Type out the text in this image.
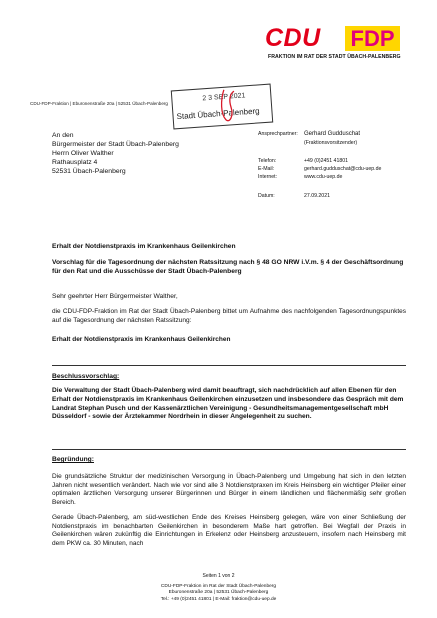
CDU FDP
FRAKTION IM RAT DER STADT ÜBACH-PALENBERG
CDU-FDP-Fraktion | Eburonenstraße 20a | 52531 Übach-Palenberg
2 3 SEP 2021
Stadt Übach-Palenberg
An den
Bürgermeister der Stadt Übach-Palenberg
Herrn Oliver Walther
Rathausplatz 4
52531 Übach-Palenberg
Ansprechpartner: Gerhard Gudduschat
(Fraktionsvorsitzender)
Telefon:	+49 (0)2451 41801
E-Mail:	gerhard.gudduschat@cdu-uep.de
Internet:	www.cdu-uep.de
Datum:	27.09.2021
Erhalt der Notdienstpraxis im Krankenhaus Geilenkirchen
Vorschlag für die Tagesordnung der nächsten Ratssitzung nach § 48 GO NRW i.V.m. § 4 der Geschäftsordnung für den Rat und die Ausschüsse der Stadt Übach-Palenberg
Sehr geehrter Herr Bürgermeister Walther,
die CDU-FDP-Fraktion im Rat der Stadt Übach-Palenberg bittet um Aufnahme des nachfolgenden Tagesordnungspunktes auf die Tagesordnung der nächsten Ratssitzung:
Erhalt der Notdienstpraxis im Krankenhaus Geilenkirchen
Beschlussvorschlag:
Die Verwaltung der Stadt Übach-Palenberg wird damit beauftragt, sich nachdrücklich auf allen Ebenen für den Erhalt der Notdienstpraxis im Krankenhaus Geilenkirchen einzusetzen und insbesondere das Gespräch mit dem Landrat Stephan Pusch und der Kassenärztlichen Vereinigung - Gesundheitsmanagementgesellschaft mbH Düsseldorf - sowie der Ärztekammer Nordrhein in dieser Angelegenheit zu suchen.
Begründung:
Die grundsätzliche Struktur der medizinischen Versorgung in Übach-Palenberg und Umgebung hat sich in den letzten Jahren nicht wesentlich verändert. Nach wie vor sind alle 3 Notdienstpraxen im Kreis Heinsberg ein wichtiger Pfeiler einer optimalen ärztlichen Versorgung unserer Bürgerinnen und Bürger in einem ländlichen und flächenmäßig sehr großen Bereich.
Gerade Übach-Palenberg, am süd-westlichen Ende des Kreises Heinsberg gelegen, wäre von einer Schließung der Notdienstpraxis im benachbarten Geilenkirchen in besonderem Maße hart getroffen. Bei Wegfall der Praxis in Geilenkirchen wären zukünftig die Einrichtungen in Erkelenz oder Heinsberg anzusteuern, insofern nach Heinsberg mit dem PKW ca. 30 Minuten, nach
Seiten 1 von 2
CDU-FDP-Fraktion im Rat der Stadt Übach-Palenberg
Eburonenstraße 20a | 52531 Übach-Palenberg
Tel.: +49 (0)2451 41801 | E-Mail: fraktion@cdu-uep.de
